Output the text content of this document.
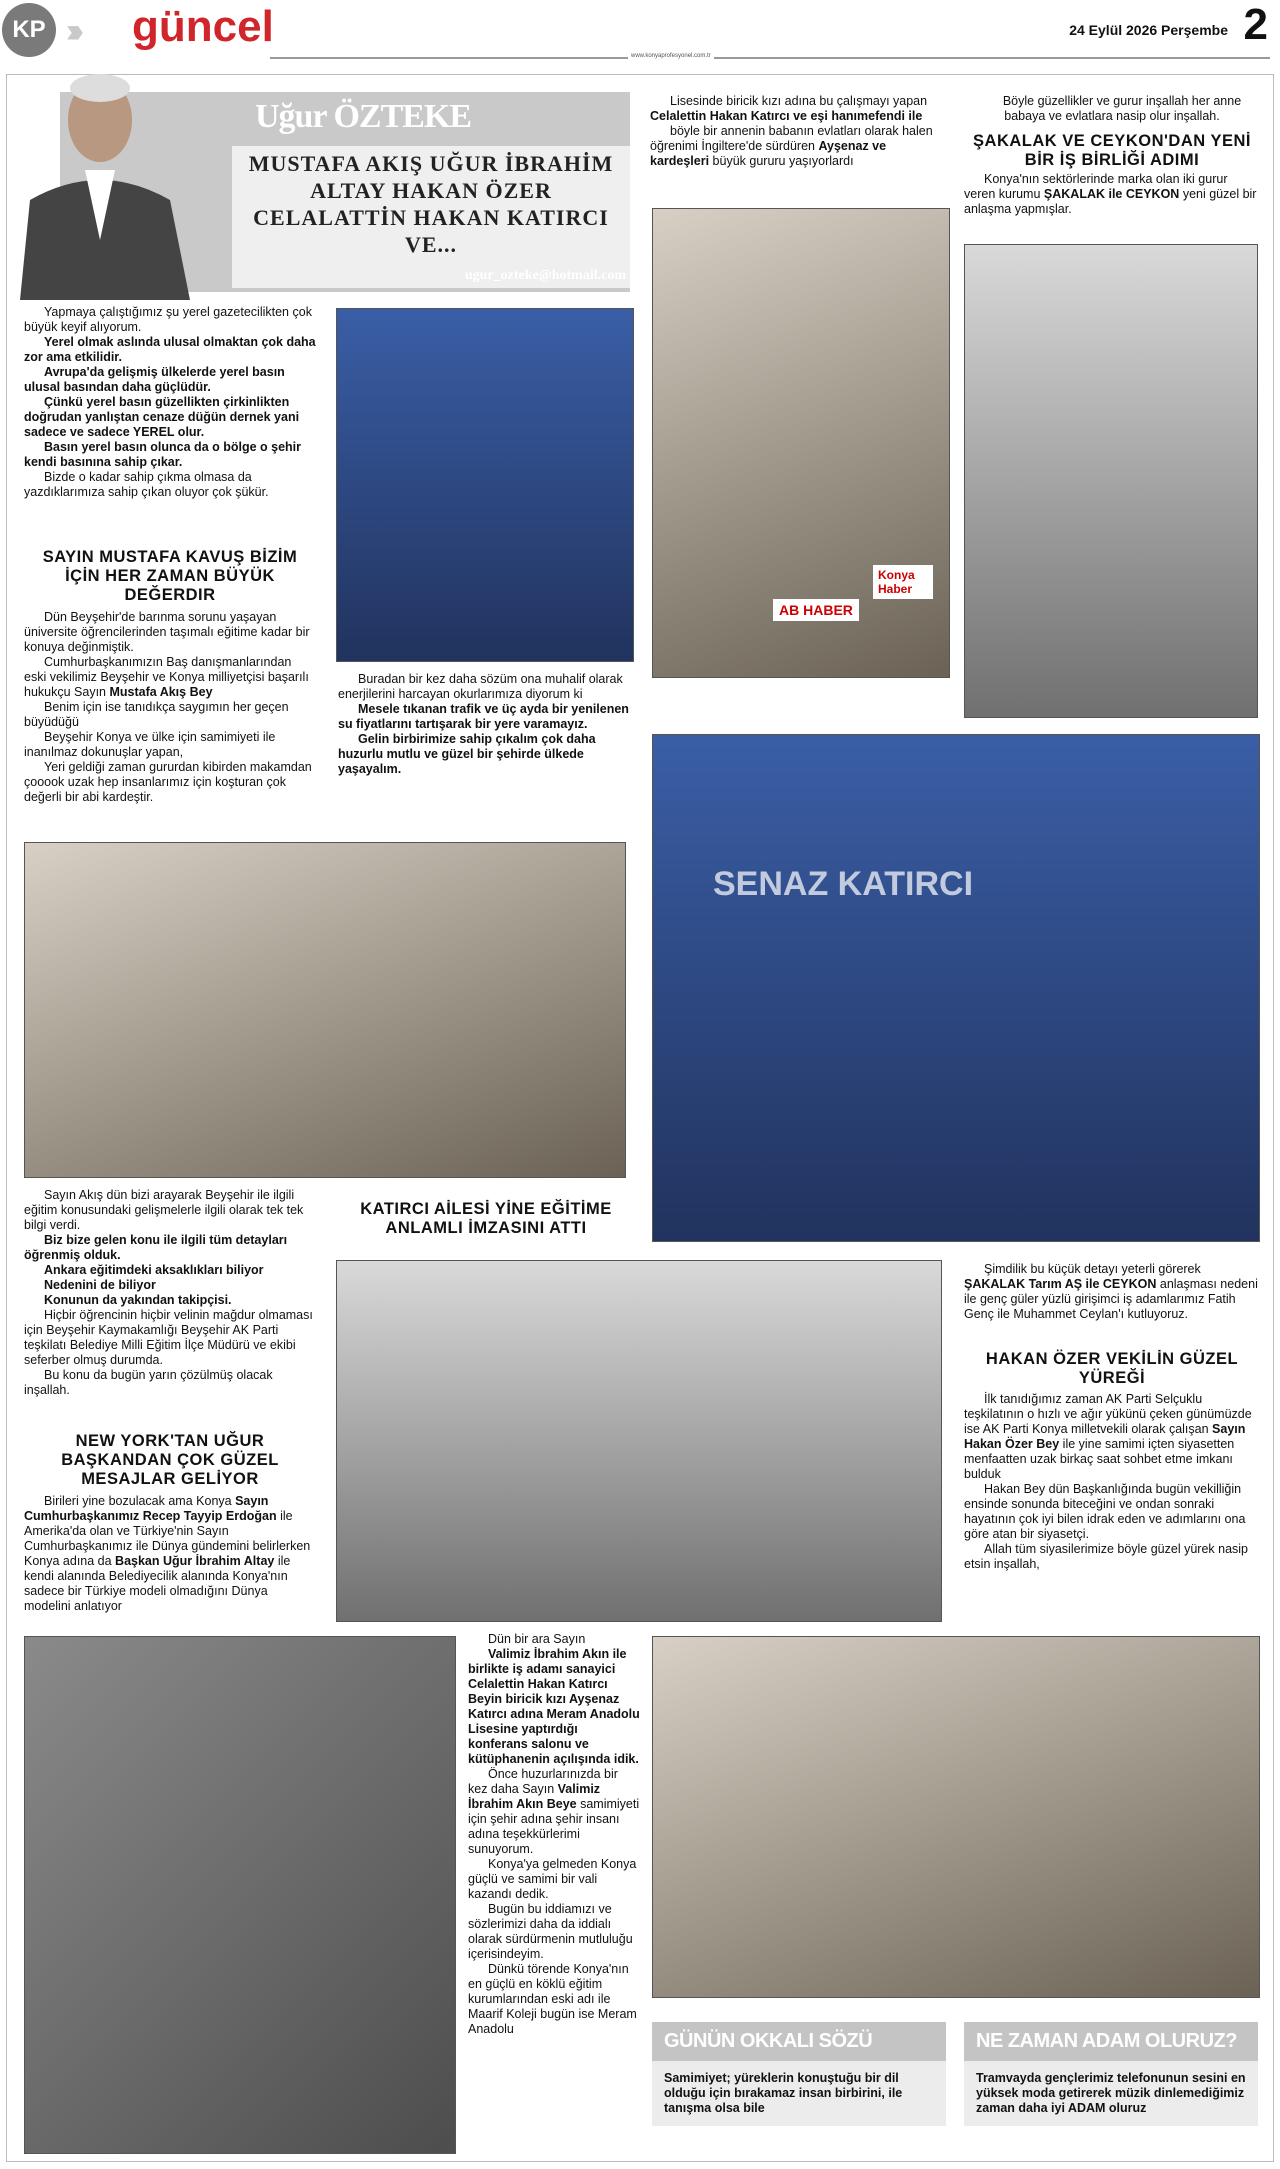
KP ››› güncel	24 Eylül 2026 Perşembe 2
www.konyaprofesyonel.com.tr
Uğur ÖZTEKE
MUSTAFA AKIŞ UĞUR İBRAHİM ALTAY HAKAN ÖZER CELALATTİN HAKAN KATIRCI VE...
ugur_ozteke@hotmail.com

Yapmaya çalıştığımız şu yerel gazetecilikten çok büyük keyif alıyorum.

Yerel olmak aslında ulusal olmaktan çok daha zor ama etkilidir.

Avrupa'da gelişmiş ülkelerde yerel basın ulusal basından daha güçlüdür.

Çünkü yerel basın güzellikten çirkinlikten doğrudan yanlıştan cenaze düğün dernek yani sadece ve sadece YEREL olur.

Basın yerel basın olunca da o bölge o şehir kendi basınına sahip çıkar.

Bizde o kadar sahip çıkma olmasa da yazdıklarımıza sahip çıkan oluyor çok şükür.

SAYIN MUSTAFA KAVUŞ BİZİM İÇİN HER ZAMAN BÜYÜK DEĞERDIR

Dün Beyşehir'de barınma sorunu yaşayan üniversite öğrencilerinden taşımalı eğitime kadar bir konuya değinmiştik.

Cumhurbaşkanımızın Baş danışmanlarından eski vekilimiz Beyşehir ve Konya milliyetçisi başarılı hukukçu Sayın Mustafa Akış Bey

Benim için ise tanıdıkça saygımın her geçen büyüdüğü

Beyşehir Konya ve ülke için samimiyeti ile inanılmaz dokunuşlar yapan,

Yeri geldiği zaman gururdan kibirden makamdan çooook uzak hep insanlarımız için koşturan çok değerli bir abi kardeştir.

Buradan bir kez daha sözüm ona muhalif olarak enerjilerini harcayan okurlarımıza diyorum ki

Mesele tıkanan trafik ve üç ayda bir yenilenen su fiyatlarını tartışarak bir yere varamayız.

Gelin birbirimize sahip çıkalım çok daha huzurlu mutlu ve güzel bir şehirde ülkede yaşayalım.

Lisesinde biricik kızı adına bu çalışmayı yapan Celalettin Hakan Katırcı ve eşi hanımefendi ile

böyle bir annenin babanın evlatları olarak halen öğrenimi İngiltere'de sürdüren Ayşenaz ve kardeşleri büyük gururu yaşıyorlardı

AB HABER
Konya Haber

Böyle güzellikler ve gurur inşallah her anne babaya ve evlatlara nasip olur inşallah.

ŞAKALAK VE CEYKON'DAN YENİ BİR İŞ BİRLİĞİ ADIMI

Konya'nın sektörlerinde marka olan iki gurur veren kurumu ŞAKALAK ile CEYKON yeni güzel bir anlaşma yapmışlar.

SENAZ KATIRCI

Sayın Akış dün bizi arayarak Beyşehir ile ilgili eğitim konusundaki gelişmelerle ilgili olarak tek tek bilgi verdi.

Biz bize gelen konu ile ilgili tüm detayları öğrenmiş olduk.

Ankara eğitimdeki aksaklıkları biliyor

Nedenini de biliyor

Konunun da yakından takipçisi.

Hiçbir öğrencinin hiçbir velinin mağdur olmaması için Beyşehir Kaymakamlığı Beyşehir AK Parti teşkilatı Belediye Milli Eğitim İlçe Müdürü ve ekibi seferber olmuş durumda.

Bu konu da bugün yarın çözülmüş olacak inşallah.

NEW YORK'TAN UĞUR BAŞKANDAN ÇOK GÜZEL MESAJLAR GELİYOR

Birileri yine bozulacak ama Konya Sayın Cumhurbaşkanımız Recep Tayyip Erdoğan ile Amerika'da olan ve Türkiye'nin Sayın Cumhurbaşkanımız ile Dünya gündemini belirlerken Konya adına da Başkan Uğur İbrahim Altay ile kendi alanında Belediyecilik alanında Konya'nın sadece bir Türkiye modeli olmadığını Dünya modelini anlatıyor

KATIRCI AİLESİ YİNE EĞİTİME ANLAMLI İMZASINI ATTI

Şimdilik bu küçük detayı yeterli görerek ŞAKALAK Tarım AŞ ile CEYKON anlaşması nedeni ile genç güler yüzlü girişimci iş adamlarımız Fatih Genç ile Muhammet Ceylan'ı kutluyoruz.

HAKAN ÖZER VEKİLİN GÜZEL YÜREĞİ

İlk tanıdığımız zaman AK Parti Selçuklu teşkilatının o hızlı ve ağır yükünü çeken günümüzde ise AK Parti Konya milletvekili olarak çalışan Sayın Hakan Özer Bey ile yine samimi içten siyasetten menfaatten uzak birkaç saat sohbet etme imkanı bulduk

Hakan Bey dün Başkanlığında bugün vekilliğin ensinde sonunda biteceğini ve ondan sonraki hayatının çok iyi bilen idrak eden ve adımlarını ona göre atan bir siyasetçi.

Allah tüm siyasilerimize böyle güzel yürek nasip etsin inşallah,

Dün bir ara Sayın

Valimiz İbrahim Akın ile birlikte iş adamı sanayici Celalettin Hakan Katırcı Beyin biricik kızı Ayşenaz Katırcı adına Meram Anadolu Lisesine yaptırdığı konferans salonu ve kütüphanenin açılışında idik.

Önce huzurlarınızda bir kez daha Sayın Valimiz İbrahim Akın Beye samimiyeti için şehir adına şehir insanı adına teşekkürlerimi sunuyorum.

Konya'ya gelmeden Konya güçlü ve samimi bir vali kazandı dedik.

Bugün bu iddiamızı ve sözlerimizi daha da iddialı olarak sürdürmenin mutluluğu içerisindeyim.

Dünkü törende Konya'nın en güçlü en köklü eğitim kurumlarından eski adı ile Maarif Koleji bugün ise Meram Anadolu

GÜNÜN OKKALI SÖZÜ
Samimiyet; yüreklerin konuştuğu bir dil olduğu için bırakamaz insan birbirini, ile tanışma olsa bile
NE ZAMAN ADAM OLURUZ?
Tramvayda gençlerimiz telefonunun sesini en yüksek moda getirerek müzik dinlemediğimiz zaman daha iyi ADAM oluruz
